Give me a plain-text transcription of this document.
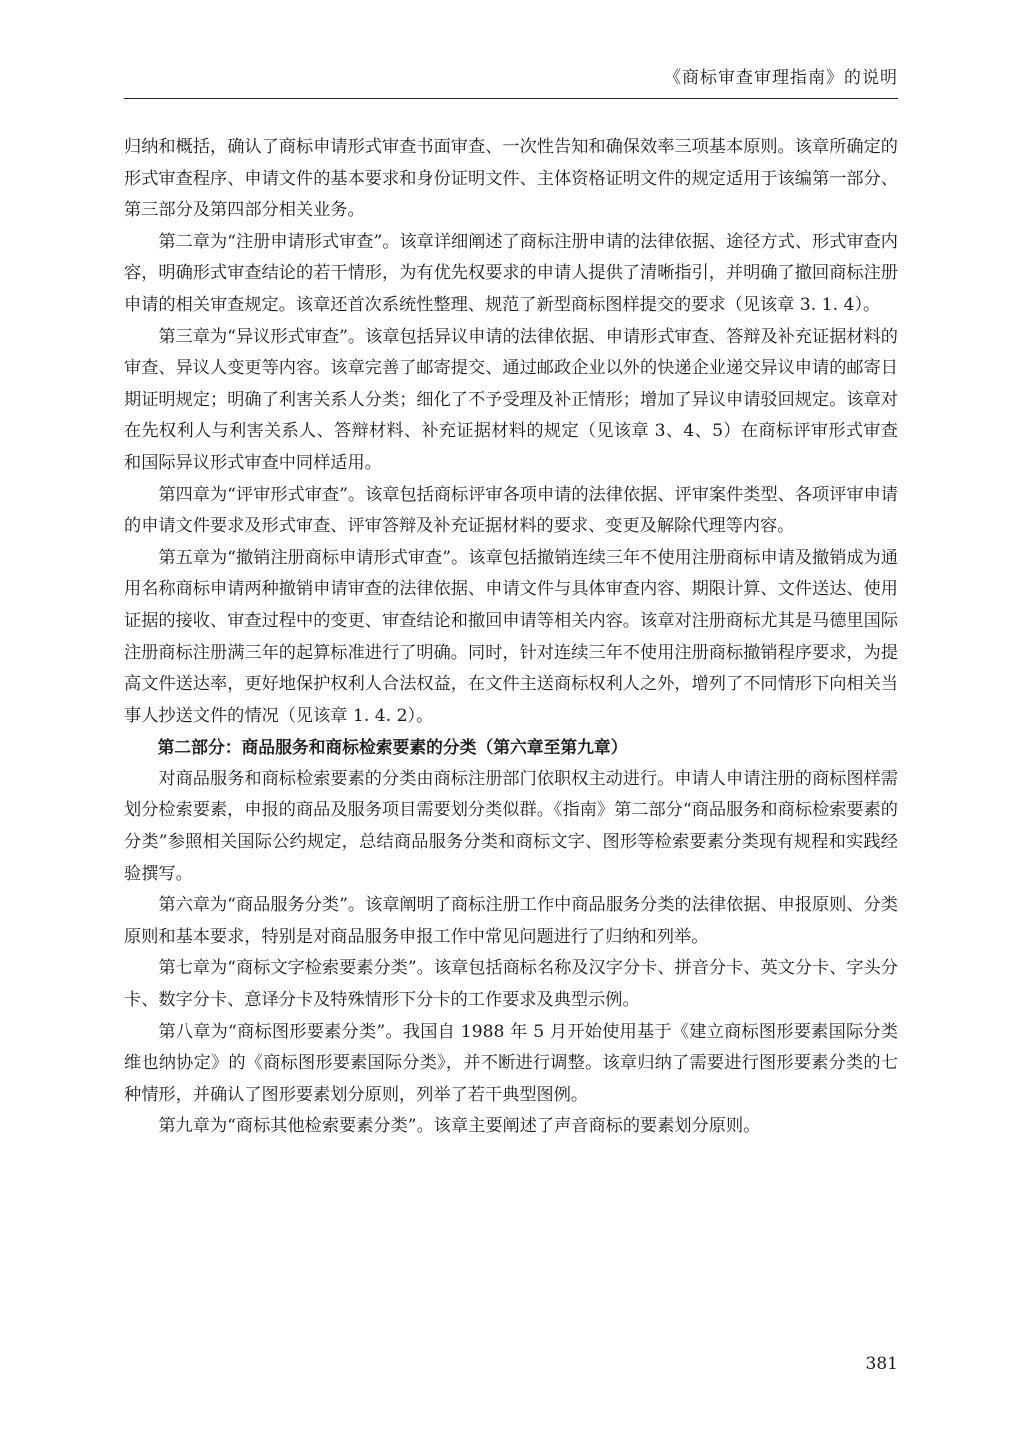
《商标审查审理指南》的说明

归纳和概括，确认了商标申请形式审查书面审查、一次性告知和确保效率三项基本原则。该章所确定的形式审查程序、申请文件的基本要求和身份证明文件、主体资格证明文件的规定适用于该编第一部分、第三部分及第四部分相关业务。

第二章为“注册申请形式审查”。该章详细阐述了商标注册申请的法律依据、途径方式、形式审查内容，明确形式审查结论的若干情形，为有优先权要求的申请人提供了清晰指引，并明确了撤回商标注册申请的相关审查规定。该章还首次系统性整理、规范了新型商标图样提交的要求（见该章 3. 1. 4）。

第三章为“异议形式审查”。该章包括异议申请的法律依据、申请形式审查、答辩及补充证据材料的审查、异议人变更等内容。该章完善了邮寄提交、通过邮政企业以外的快递企业递交异议申请的邮寄日期证明规定；明确了利害关系人分类；细化了不予受理及补正情形；增加了异议申请驳回规定。该章对在先权利人与利害关系人、答辩材料、补充证据材料的规定（见该章 3、4、5）在商标评审形式审查和国际异议形式审查中同样适用。

第四章为“评审形式审查”。该章包括商标评审各项申请的法律依据、评审案件类型、各项评审申请的申请文件要求及形式审查、评审答辩及补充证据材料的要求、变更及解除代理等内容。

第五章为“撤销注册商标申请形式审查”。该章包括撤销连续三年不使用注册商标申请及撤销成为通用名称商标申请两种撤销申请审查的法律依据、申请文件与具体审查内容、期限计算、文件送达、使用证据的接收、审查过程中的变更、审查结论和撤回申请等相关内容。该章对注册商标尤其是马德里国际注册商标注册满三年的起算标准进行了明确。同时，针对连续三年不使用注册商标撤销程序要求，为提高文件送达率，更好地保护权利人合法权益，在文件主送商标权利人之外，增列了不同情形下向相关当事人抄送文件的情况（见该章 1. 4. 2）。

第二部分：商品服务和商标检索要素的分类（第六章至第九章）

对商品服务和商标检索要素的分类由商标注册部门依职权主动进行。申请人申请注册的商标图样需划分检索要素，申报的商品及服务项目需要划分类似群。《指南》第二部分“商品服务和商标检索要素的分类”参照相关国际公约规定，总结商品服务分类和商标文字、图形等检索要素分类现有规程和实践经验撰写。

第六章为“商品服务分类”。该章阐明了商标注册工作中商品服务分类的法律依据、申报原则、分类原则和基本要求，特别是对商品服务申报工作中常见问题进行了归纳和列举。

第七章为“商标文字检索要素分类”。该章包括商标名称及汉字分卡、拼音分卡、英文分卡、字头分卡、数字分卡、意译分卡及特殊情形下分卡的工作要求及典型示例。

第八章为“商标图形要素分类”。我国自 1988 年 5 月开始使用基于《建立商标图形要素国际分类维也纳协定》的《商标图形要素国际分类》，并不断进行调整。该章归纳了需要进行图形要素分类的七种情形，并确认了图形要素划分原则，列举了若干典型图例。

第九章为“商标其他检索要素分类”。该章主要阐述了声音商标的要素划分原则。

381
